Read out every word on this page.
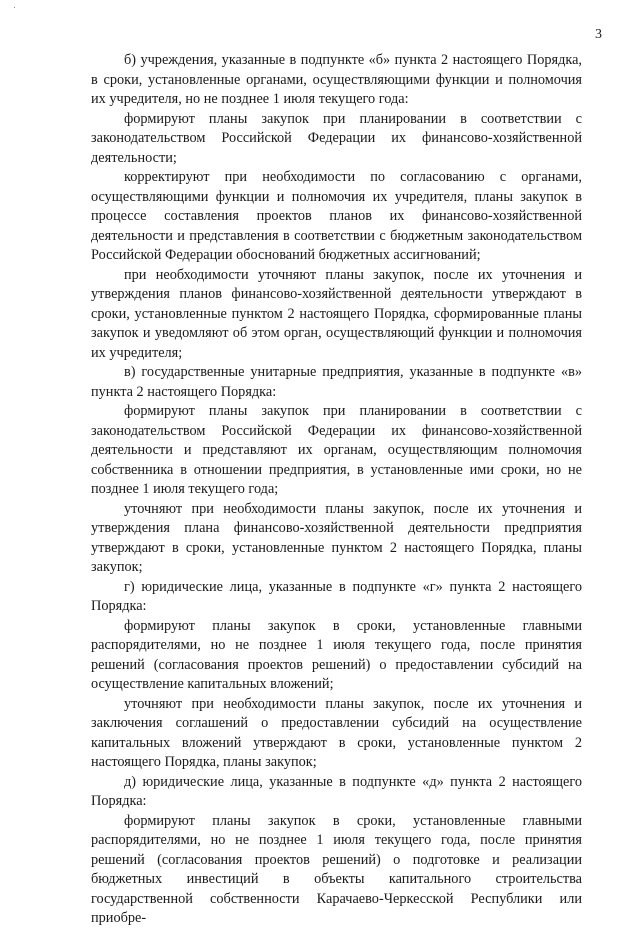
3

б) учреждения, указанные в подпункте «б» пункта 2 настоящего Порядка, в сроки, установленные органами, осуществляющими функции и полномочия их учредителя, но не позднее 1 июля текущего года:

формируют планы закупок при планировании в соответствии с законодательством Российской Федерации их финансово-хозяйственной деятельности;

корректируют при необходимости по согласованию с органами, осуществляющими функции и полномочия их учредителя, планы закупок в процессе составления проектов планов их финансово-хозяйственной деятельности и представления в соответствии с бюджетным законодательством Российской Федерации обоснований бюджетных ассигнований;

при необходимости уточняют планы закупок, после их уточнения и утверждения планов финансово-хозяйственной деятельности утверждают в сроки, установленные пунктом 2 настоящего Порядка, сформированные планы закупок и уведомляют об этом орган, осуществляющий функции и полномочия их учредителя;

в) государственные унитарные предприятия, указанные в подпункте «в» пункта 2 настоящего Порядка:

формируют планы закупок при планировании в соответствии с законодательством Российской Федерации их финансово-хозяйственной деятельности и представляют их органам, осуществляющим полномочия собственника в отношении предприятия, в установленные ими сроки, но не позднее 1 июля текущего года;

уточняют при необходимости планы закупок, после их уточнения и утверждения плана финансово-хозяйственной деятельности предприятия утверждают в сроки, установленные пунктом 2 настоящего Порядка, планы закупок;

г) юридические лица, указанные в подпункте «г» пункта 2 настоящего Порядка:

формируют планы закупок в сроки, установленные главными распорядителями, но не позднее 1 июля текущего года, после принятия решений (согласования проектов решений) о предоставлении субсидий на осуществление капитальных вложений;

уточняют при необходимости планы закупок, после их уточнения и заключения соглашений о предоставлении субсидий на осуществление капитальных вложений утверждают в сроки, установленные пунктом 2 настоящего Порядка, планы закупок;

д) юридические лица, указанные в подпункте «д» пункта 2 настоящего Порядка:

формируют планы закупок в сроки, установленные главными распорядителями, но не позднее 1 июля текущего года, после принятия решений (согласования проектов решений) о подготовке и реализации бюджетных инвестиций в объекты капитального строительства государственной собственности Карачаево-Черкесской Республики или приобре-
